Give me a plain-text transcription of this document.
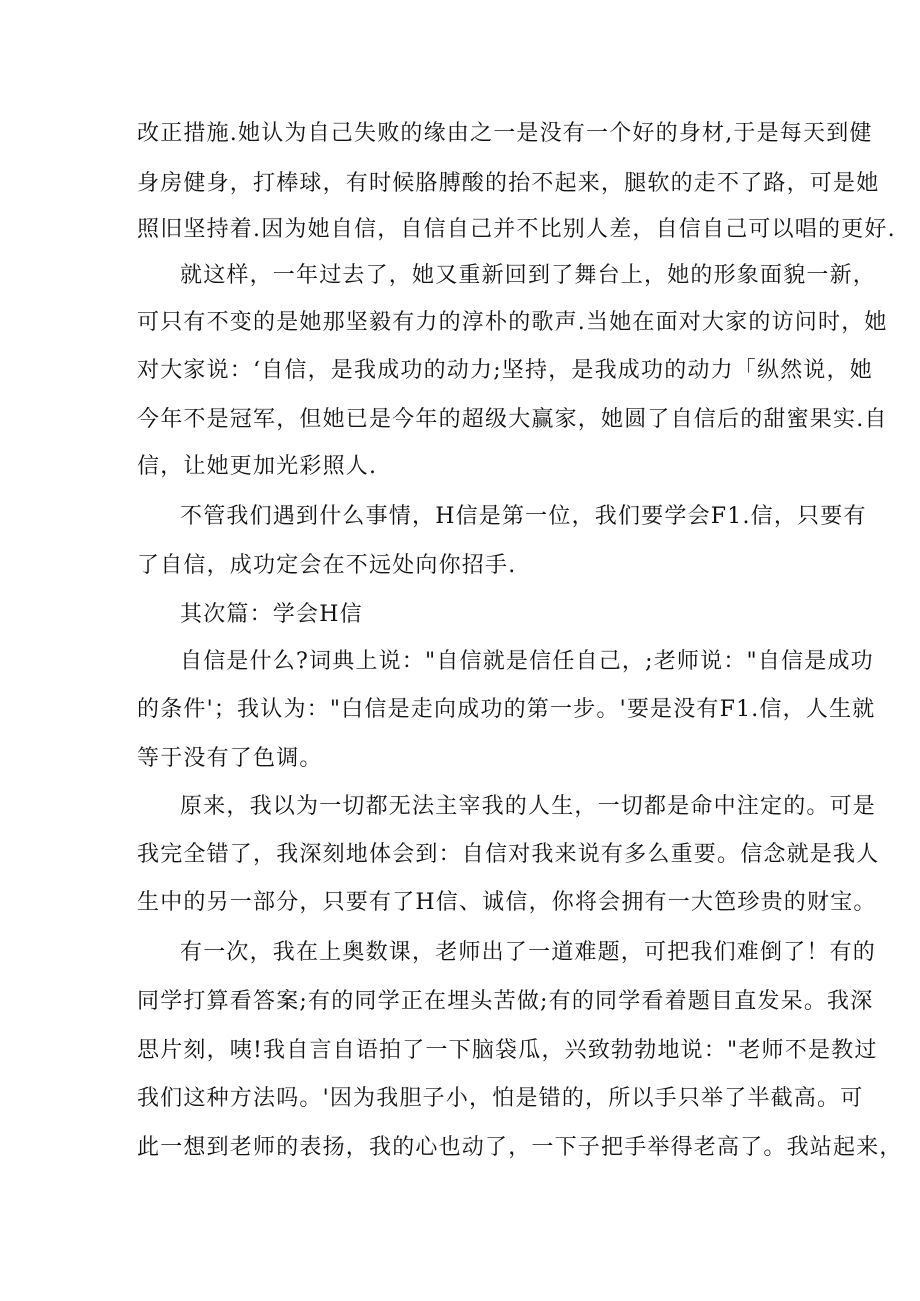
改正措施.她认为自己失败的缘由之一是没有一个好的身材,于是每天到健
身房健身，打棒球，有时候胳膊酸的抬不起来，腿软的走不了路，可是她
照旧坚持着.因为她自信，自信自己并不比别人差，自信自己可以唱的更好.
就这样，一年过去了，她又重新回到了舞台上，她的形象面貌一新，
可只有不变的是她那坚毅有力的淳朴的歌声.当她在面对大家的访问时，她
对大家说：‘自信，是我成功的动力;坚持，是我成功的动力「纵然说，她
今年不是冠军，但她已是今年的超级大赢家，她圆了自信后的甜蜜果实.自
信，让她更加光彩照人.
不管我们遇到什么事情，H信是第一位，我们要学会F1.信，只要有
了自信，成功定会在不远处向你招手.
其次篇：学会H信
自信是什么?词典上说："自信就是信任自己，;老师说："自信是成功
的条件'；我认为："白信是走向成功的第一步。'要是没有F1.信，人生就
等于没有了色调。
原来，我以为一切都无法主宰我的人生，一切都是命中注定的。可是
我完全错了，我深刻地体会到：自信对我来说有多么重要。信念就是我人
生中的另一部分，只要有了H信、诚信，你将会拥有一大笆珍贵的财宝。
有一次，我在上奥数课，老师出了一道难题，可把我们难倒了！有的
同学打算看答案;有的同学正在埋头苦做;有的同学看着题目直发呆。我深
思片刻，咦!我自言自语拍了一下脑袋瓜，兴致勃勃地说："老师不是教过
我们这种方法吗。'因为我胆子小，怕是错的，所以手只举了半截高。可
此一想到老师的表扬，我的心也动了，一下子把手举得老高了。我站起来，
